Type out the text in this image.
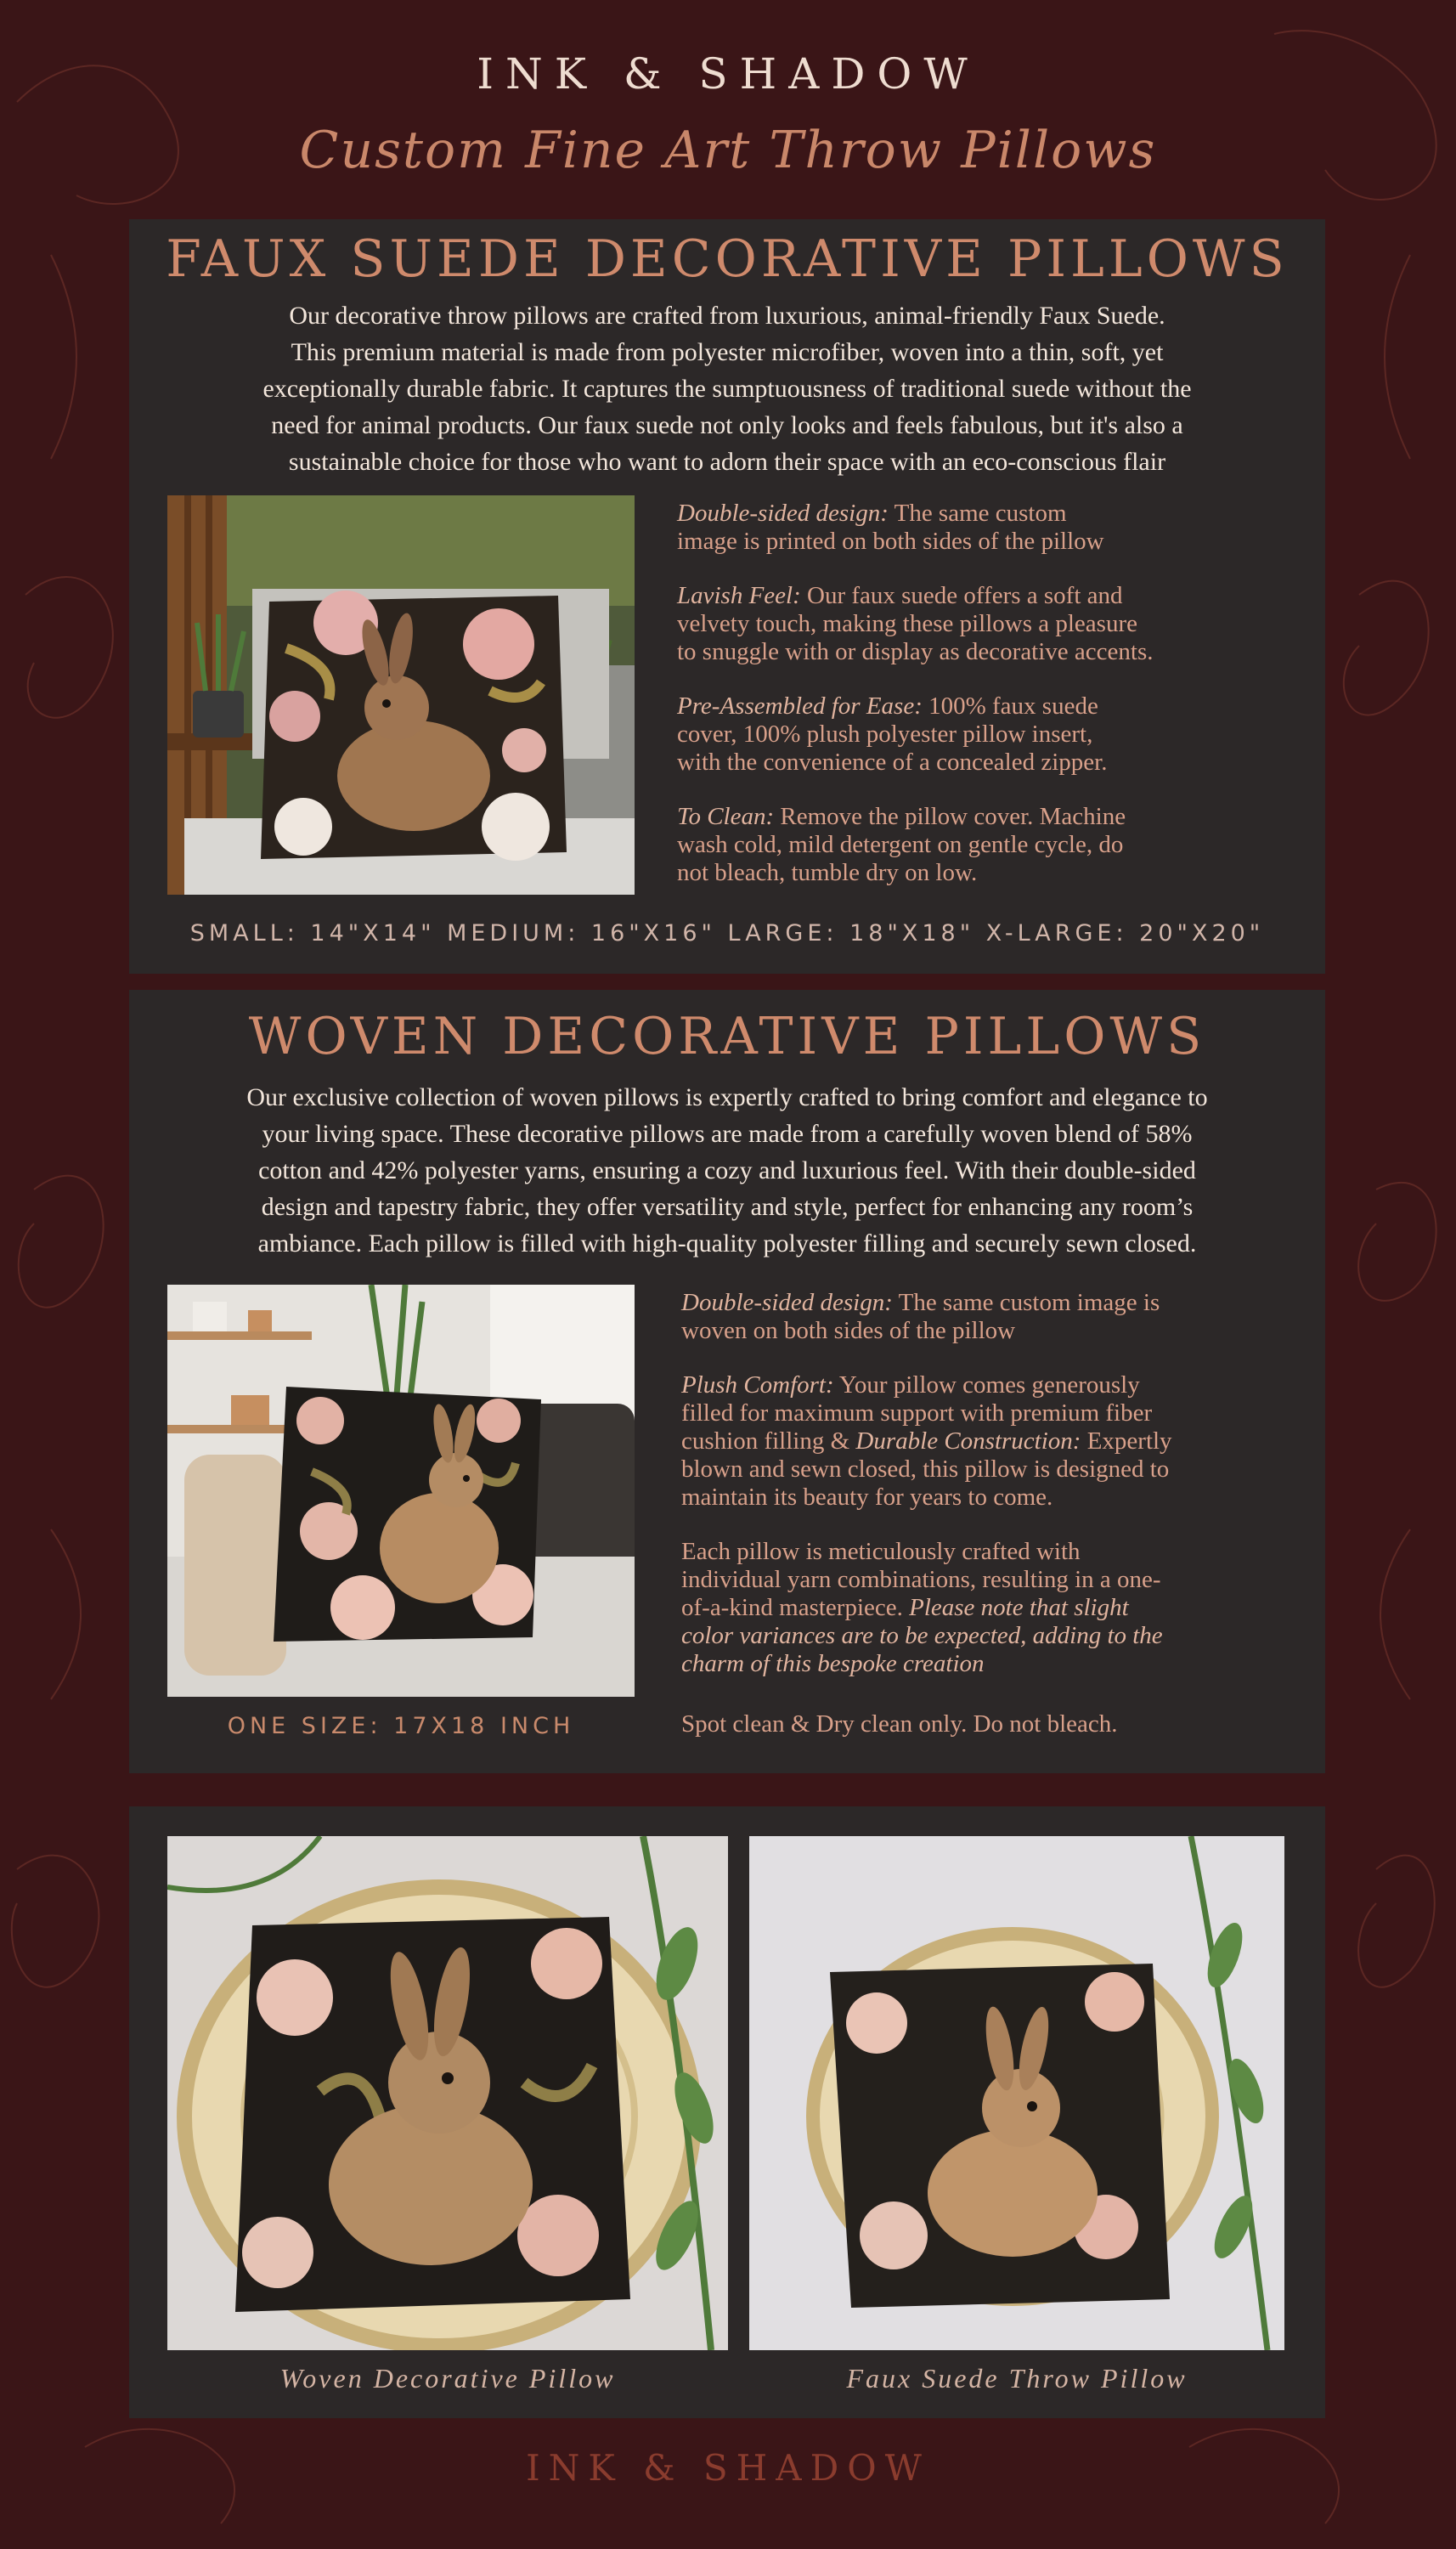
INK & SHADOW
Custom Fine Art Throw Pillows
FAUX SUEDE DECORATIVE PILLOWS
Our decorative throw pillows are crafted from luxurious, animal-friendly Faux Suede.
This premium material is made from polyester microfiber, woven into a thin, soft, yet
exceptionally durable fabric. It captures the sumptuousness of traditional suede without the
need for animal products. Our faux suede not only looks and feels fabulous, but it's also a
sustainable choice for those who want to adorn their space with an eco-conscious flair

Double-sided design: The same custom
image is printed on both sides of the pillow

Lavish Feel: Our faux suede offers a soft and
velvety touch, making these pillows a pleasure
to snuggle with or display as decorative accents.

Pre-Assembled for Ease: 100% faux suede
cover, 100% plush polyester pillow insert,
with the convenience of a concealed zipper.

To Clean: Remove the pillow cover. Machine
wash cold, mild detergent on gentle cycle, do
not bleach, tumble dry on low.

SMALL: 14"X14" MEDIUM: 16"X16" LARGE: 18"X18" X-LARGE: 20"X20"
WOVEN DECORATIVE PILLOWS
Our exclusive collection of woven pillows is expertly crafted to bring comfort and elegance to
your living space. These decorative pillows are made from a carefully woven blend of 58%
cotton and 42% polyester yarns, ensuring a cozy and luxurious feel. With their double-sided
design and tapestry fabric, they offer versatility and style, perfect for enhancing any room’s
ambiance. Each pillow is filled with high-quality polyester filling and securely sewn closed.

Double-sided design: The same custom image is
woven on both sides of the pillow

Plush Comfort: Your pillow comes generously
filled for maximum support with premium fiber
cushion filling & Durable Construction: Expertly
blown and sewn closed, this pillow is designed to
maintain its beauty for years to come.

Each pillow is meticulously crafted with
individual yarn combinations, resulting in a one-
of-a-kind masterpiece. Please note that slight
color variances are to be expected, adding to the
charm of this bespoke creation

Spot clean & Dry clean only. Do not bleach.
ONE SIZE: 17X18 INCH
Woven Decorative Pillow	Faux Suede Throw Pillow
INK & SHADOW
